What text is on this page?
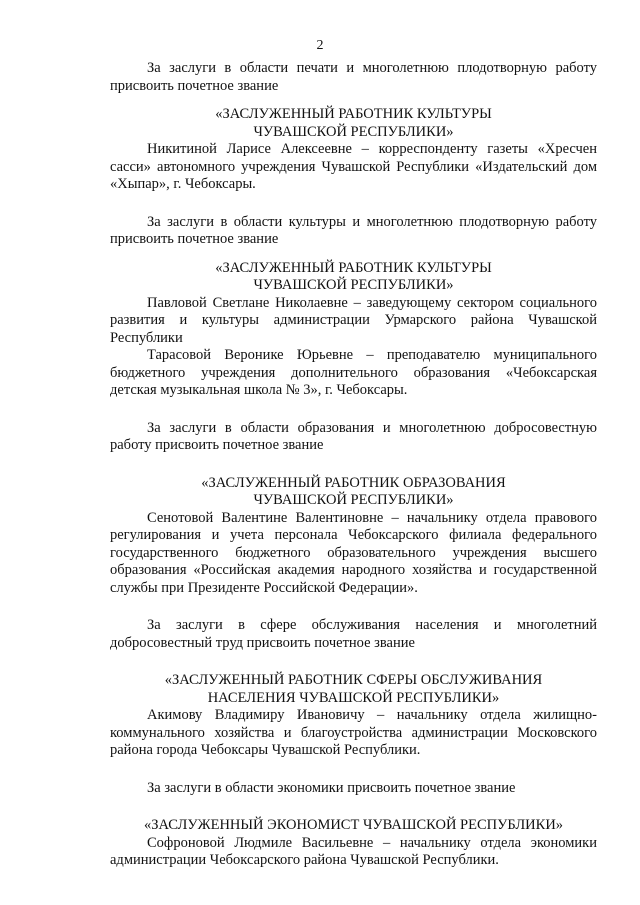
2

За заслуги в области печати и многолетнюю плодотворную работу присвоить почетное звание

«ЗАСЛУЖЕННЫЙ РАБОТНИК КУЛЬТУРЫ
ЧУВАШСКОЙ РЕСПУБЛИКИ»

Никитиной Ларисе Алексеевне – корреспонденту газеты «Хресчен сасси» автономного учреждения Чувашской Республики «Издательский дом «Хыпар», г. Чебоксары.

За заслуги в области культуры и многолетнюю плодотворную работу присвоить почетное звание

«ЗАСЛУЖЕННЫЙ РАБОТНИК КУЛЬТУРЫ
ЧУВАШСКОЙ РЕСПУБЛИКИ»

Павловой Светлане Николаевне – заведующему сектором социального развития и культуры администрации Урмарского района Чувашской Республики

Тарасовой Веронике Юрьевне – преподавателю муниципального бюджетного учреждения дополнительного образования «Чебоксарская детская музыкальная школа № 3», г. Чебоксары.

За заслуги в области образования и многолетнюю добросовестную работу присвоить почетное звание

«ЗАСЛУЖЕННЫЙ РАБОТНИК ОБРАЗОВАНИЯ
ЧУВАШСКОЙ РЕСПУБЛИКИ»

Сенотовой Валентине Валентиновне – начальнику отдела правового регулирования и учета персонала Чебоксарского филиала федерального государственного бюджетного образовательного учреждения высшего образования «Российская академия народного хозяйства и государственной службы при Президенте Российской Федерации».

За заслуги в сфере обслуживания населения и многолетний добросовестный труд присвоить почетное звание

«ЗАСЛУЖЕННЫЙ РАБОТНИК СФЕРЫ ОБСЛУЖИВАНИЯ
НАСЕЛЕНИЯ ЧУВАШСКОЙ РЕСПУБЛИКИ»

Акимову Владимиру Ивановичу – начальнику отдела жилищно-коммунального хозяйства и благоустройства администрации Московского района города Чебоксары Чувашской Республики.

За заслуги в области экономики присвоить почетное звание

«ЗАСЛУЖЕННЫЙ ЭКОНОМИСТ ЧУВАШСКОЙ РЕСПУБЛИКИ»

Софроновой Людмиле Васильевне – начальнику отдела экономики администрации Чебоксарского района Чувашской Республики.
